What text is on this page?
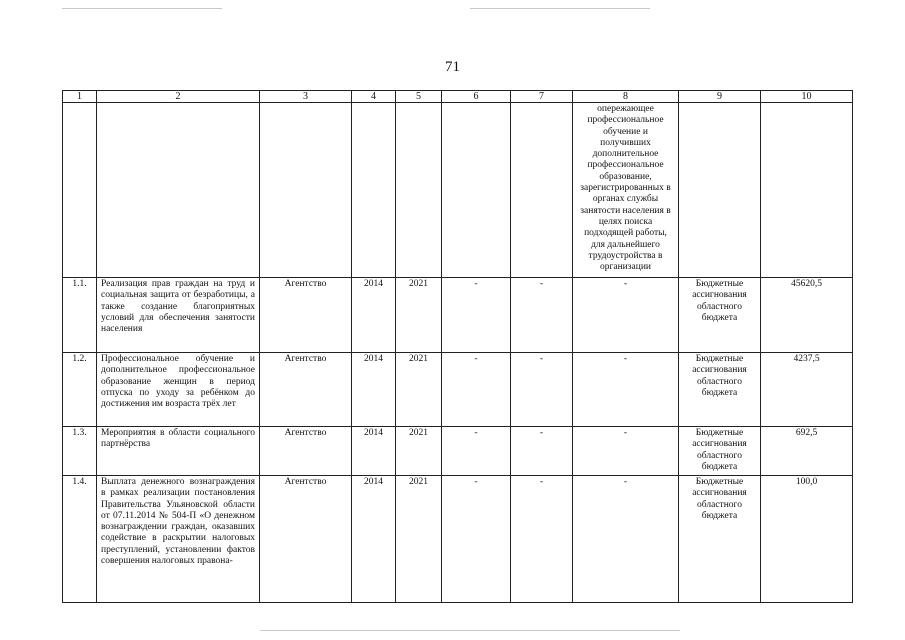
71
1	2	3	4	5	6	7	8	9	10
							опережающее профессиональное обучение и получивших дополнительное профессиональное образование, зарегистрированных в органах службы занятости населения в целях поиска подходящей работы, для дальнейшего трудоустройства в организации		
1.1.	Реализация прав граждан на труд и социальная защита от безработицы, а также создание благоприятных условий для обеспечения занятости населения	Агентство	2014	2021	-	-	-	Бюджетные ассигнования областного бюджета	45620,5
1.2.	Профессиональное обучение и дополнительное профессиональное образование женщин в период отпуска по уходу за ребёнком до достижения им возраста трёх лет	Агентство	2014	2021	-	-	-	Бюджетные ассигнования областного бюджета	4237,5
1.3.	Мероприятия в области социального партнёрства	Агентство	2014	2021	-	-	-	Бюджетные ассигнования областного бюджета	692,5
1.4.	Выплата денежного вознаграждения в рамках реализации постановления Правительства Ульяновской области от 07.11.2014 № 504-П «О денежном вознаграждении граждан, оказавших содействие в раскрытии налоговых преступлений, установлении фактов совершения налоговых правона-	Агентство	2014	2021	-	-	-	Бюджетные ассигнования областного бюджета	100,0
